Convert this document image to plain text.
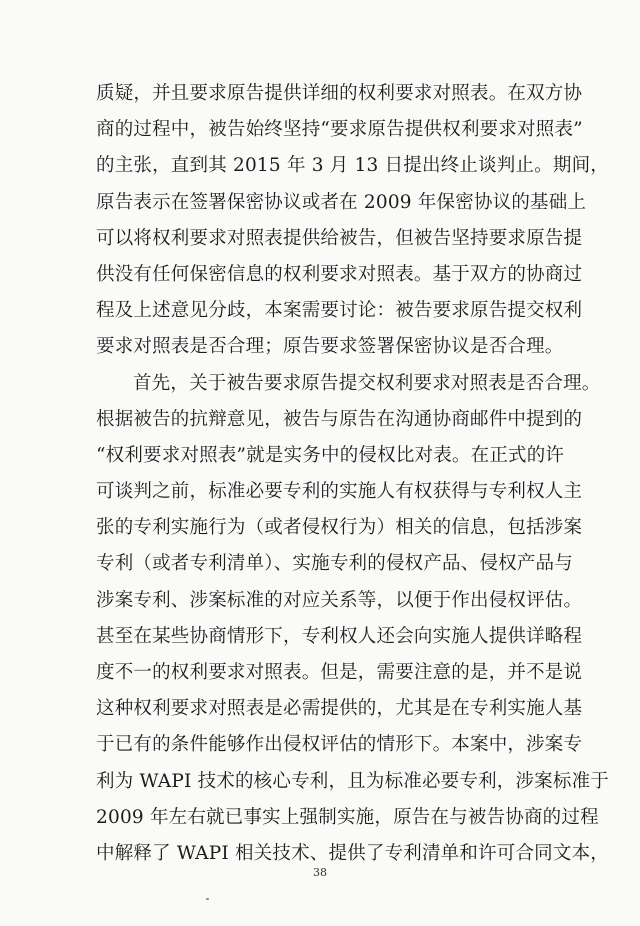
质疑，并且要求原告提供详细的权利要求对照表。在双方协
商的过程中，被告始终坚持“要求原告提供权利要求对照表”
的主张，直到其 2015 年 3 月 13 日提出终止谈判止。期间，
原告表示在签署保密协议或者在 2009 年保密协议的基础上
可以将权利要求对照表提供给被告，但被告坚持要求原告提
供没有任何保密信息的权利要求对照表。基于双方的协商过
程及上述意见分歧，本案需要讨论：被告要求原告提交权利
要求对照表是否合理；原告要求签署保密协议是否合理。
首先，关于被告要求原告提交权利要求对照表是否合理。
根据被告的抗辩意见，被告与原告在沟通协商邮件中提到的
“权利要求对照表”就是实务中的侵权比对表。在正式的许
可谈判之前，标准必要专利的实施人有权获得与专利权人主
张的专利实施行为（或者侵权行为）相关的信息，包括涉案
专利（或者专利清单）、实施专利的侵权产品、侵权产品与
涉案专利、涉案标准的对应关系等，以便于作出侵权评估。
甚至在某些协商情形下，专利权人还会向实施人提供详略程
度不一的权利要求对照表。但是，需要注意的是，并不是说
这种权利要求对照表是必需提供的，尤其是在专利实施人基
于已有的条件能够作出侵权评估的情形下。本案中，涉案专
利为 WAPI 技术的核心专利，且为标准必要专利，涉案标准于
2009 年左右就已事实上强制实施，原告在与被告协商的过程
中解释了 WAPI 相关技术、提供了专利清单和许可合同文本，
38
